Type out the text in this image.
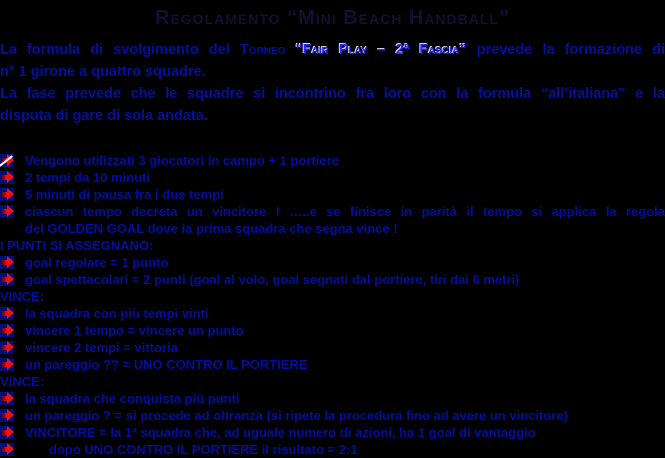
Regolamento “Mini Beach Handball”
La formula di svolgimento del Torneo “Fair Play – 2ª Fascia” prevede la formazione di
n° 1 girone a quattro squadre.
La fase prevede che le squadre si incontrino fra loro con la formula “all’italiana” e la
disputa di gare di sola andata.
Vengono utilizzati 3 giocatori in campo + 1 portiere
2 tempi da 10 minuti
5 minuti di pausa fra i due tempi
ciascun tempo decreta un vincitore ! …..e se finisce in parità il tempo si applica la regola
del GOLDEN GOAL dove la prima squadra che segna vince !
I PUNTI SI ASSEGNANO:
goal regolare = 1 punto
goal spettacolari = 2 punti (goal al volo, goal segnati dal portiere, tiri dai 6 metri)
VINCE:
la squadra con più tempi vinti
vincere 1 tempo = vincere un punto
vincere 2 tempi = vittoria
un pareggio ?? = UNO CONTRO IL PORTIERE
VINCE:
la squadra che conquista più punti
un pareggio ? = si procede ad oltranza (si ripete la procedura fino ad avere un vincitore)
VINCITORE = la 1ª squadra che, ad uguale numero di azioni, ha 1 goal di vantaggio
dopo UNO CONTRO IL PORTIERE il risultato = 2:1
